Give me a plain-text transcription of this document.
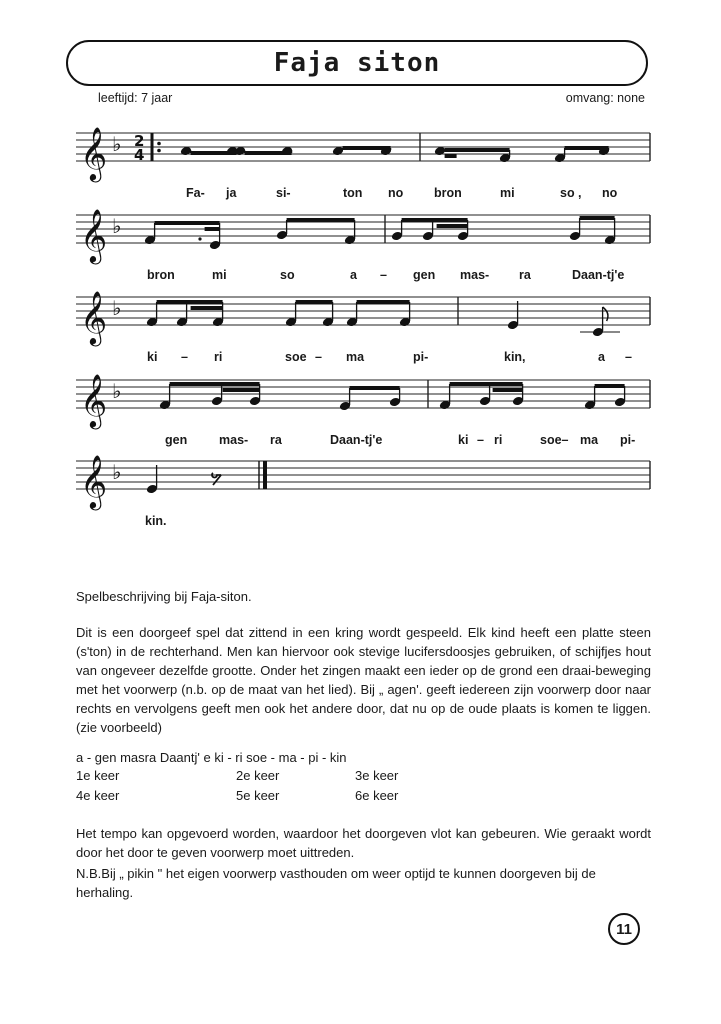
Faja siton
leeftijd: 7 jaar	omvang: none
𝄞 ♭
𝄞 ♭
𝄞 ♭
𝄞 ♭
𝄞 ♭
2
4
Fa- ja	si-	ton no bron	mi	so , no
bron	mi	so	a – gen mas- ra	Daan-tj'e
ki – ri	soe – ma	pi-	kin,	a –
gen	mas- ra	Daan-tj'e	ki – ri	soe– ma pi-
kin.
Spelbeschrijving bij Faja-siton.
Dit is een doorgeef spel dat zittend in een kring wordt gespeeld. Elk kind heeft een platte steen (s'ton) in de rechterhand. Men kan hiervoor ook stevige lucifersdoosjes gebruiken, of schijfjes hout van ongeveer dezelfde grootte. Onder het zingen maakt een ieder op de grond een draai-beweging met het voorwerp (n.b. op de maat van het lied). Bij „ agen'. geeft iedereen zijn voorwerp door naar rechts en vervolgens geeft men ook het andere door, dat nu op de oude plaats is komen te liggen. (zie voorbeeld)
a - gen masra Daantj' e ki - ri soe - ma - pi - kin
1e keer	2e keer	3e keer
4e keer	5e keer	6e keer
Het tempo kan opgevoerd worden, waardoor het doorgeven vlot kan gebeuren. Wie geraakt wordt door het door te geven voorwerp moet uittreden.
N.B.Bij „ pikin " het eigen voorwerp vasthouden om weer optijd te kunnen doorgeven bij de herhaling.
11
